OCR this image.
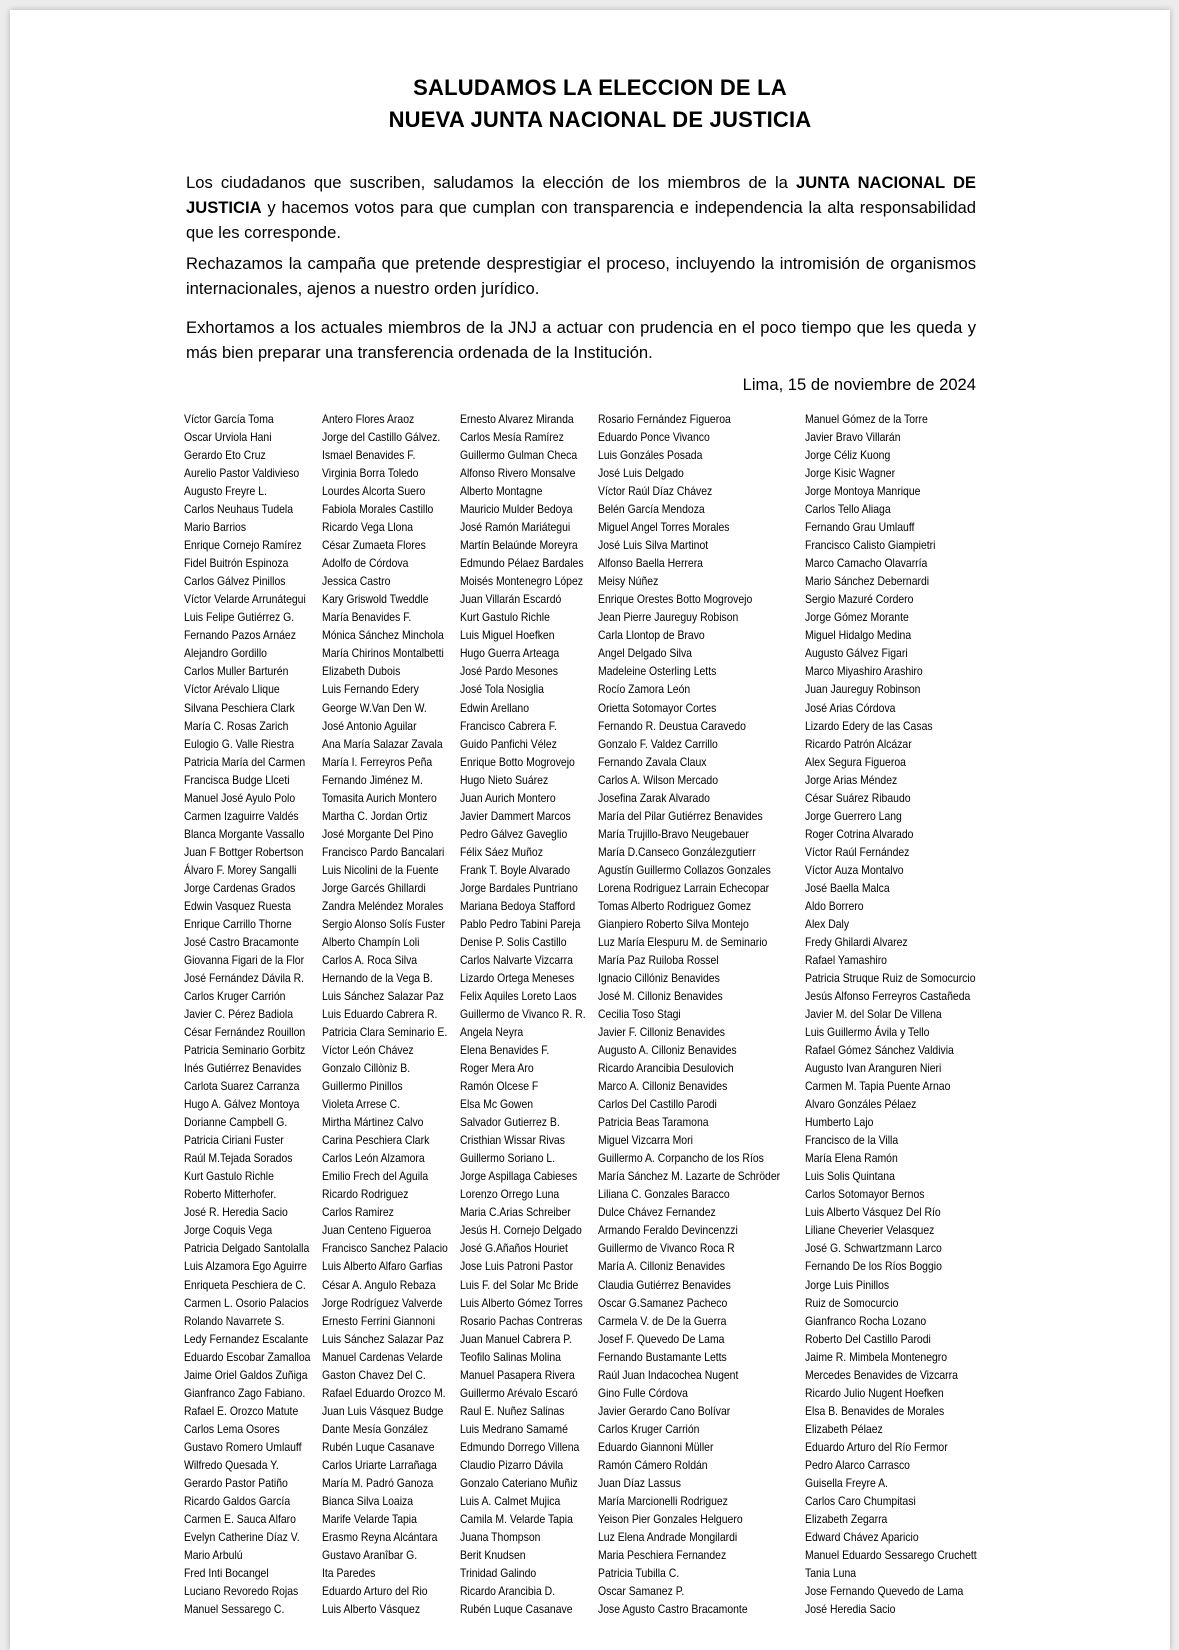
SALUDAMOS LA ELECCION DE LA
NUEVA JUNTA NACIONAL DE JUSTICIA
Los ciudadanos que suscriben, saludamos la elección de los miembros de la JUNTA NACIONAL DE JUSTICIA y hacemos votos para que cumplan con transparencia e independencia la alta responsabilidad que les corresponde.
Rechazamos la campaña que pretende desprestigiar el proceso, incluyendo la intromisión de organismos internacionales, ajenos a nuestro orden jurídico.
Exhortamos a los actuales miembros de la JNJ a actuar con prudencia en el poco tiempo que les queda y más bien preparar una transferencia ordenada de la Institución.
Lima, 15 de noviembre de 2024
Víctor García Toma
Oscar Urviola Hani
Gerardo Eto Cruz
Aurelio Pastor Valdivieso
Augusto Freyre L.
Carlos Neuhaus Tudela
Mario Barrios
Enrique Cornejo Ramírez
Fidel Buitrón Espinoza
Carlos Gálvez Pinillos
Víctor Velarde Arrunátegui
Luis Felipe Gutiérrez G.
Fernando Pazos Arnáez
Alejandro Gordillo
Carlos Muller Barturén
Víctor Arévalo Llique
Silvana Peschiera Clark
María C. Rosas Zarich
Eulogio G. Valle Riestra
Patricia María del Carmen
Francisca Budge Llceti
Manuel José Ayulo Polo
Carmen Izaguirre Valdés
Blanca Morgante Vassallo
Juan F Bottger Robertson
Álvaro F. Morey Sangalli
Jorge Cardenas Grados
Edwin Vasquez Ruesta
Enrique Carrillo Thorne
José Castro Bracamonte
Giovanna Figari de la Flor
José Fernández Dávila R.
Carlos Kruger Carrión
Javier C. Pérez Badiola
César Fernández Rouillon
Patricia Seminario Gorbitz
Inés Gutiérrez Benavides
Carlota Suarez Carranza
Hugo A. Gálvez Montoya
Dorianne Campbell G.
Patricia Ciriani Fuster
Raúl M.Tejada Sorados
Kurt Gastulo Richle
Roberto Mitterhofer.
José R. Heredia Sacio
Jorge Coquis Vega
Patricia Delgado Santolalla
Luis Alzamora Ego Aguirre
Enriqueta Peschiera de C.
Carmen L. Osorio Palacios
Rolando Navarrete S.
Ledy Fernandez Escalante
Eduardo Escobar Zamalloa
Jaime Oriel Galdos Zuñiga
Gianfranco Zago Fabiano.
Rafael E. Orozco Matute
Carlos Lema Osores
Gustavo Romero Umlauff
Wilfredo Quesada Y.
Gerardo Pastor Patiño
Ricardo Galdos García
Carmen E. Sauca Alfaro
Evelyn Catherine Díaz V.
Mario Arbulú
Fred Inti Bocangel
Luciano Revoredo Rojas
Manuel Sessarego C.
Antero Flores Araoz
Jorge del Castillo Gálvez.
Ismael Benavides F.
Virginia Borra Toledo
Lourdes Alcorta Suero
Fabiola Morales Castillo
Ricardo Vega Llona
César Zumaeta Flores
Adolfo de Córdova
Jessica Castro
Kary Griswold Tweddle
María Benavides F.
Mónica Sánchez Minchola
María Chirinos Montalbetti
Elizabeth Dubois
Luis Fernando Edery
George W.Van Den W.
José Antonio Aguilar
Ana María Salazar Zavala
María I. Ferreyros Peña
Fernando Jiménez M.
Tomasita Aurich Montero
Martha C. Jordan Ortiz
José Morgante Del Pino
Francisco Pardo Bancalari
Luis Nicolini de la Fuente
Jorge Garcés Ghillardi
Zandra Meléndez Morales
Sergio Alonso Solís Fuster
Alberto Champín Loli
Carlos A. Roca Silva
Hernando de la Vega B.
Luis Sánchez Salazar Paz
Luis Eduardo Cabrera R.
Patricia Clara Seminario E.
Víctor León Chávez
Gonzalo Cillòniz B.
Guillermo Pinillos
Violeta Arrese C.
Mirtha Mártinez Calvo
Carina Peschiera Clark
Carlos León Alzamora
Emilio Frech del Aguila
Ricardo Rodriguez
Carlos Ramirez
Juan Centeno Figueroa
Francisco Sanchez Palacio
Luis Alberto Alfaro Garfias
César A. Angulo Rebaza
Jorge Rodríguez Valverde
Ernesto Ferrini Giannoni
Luis Sánchez Salazar Paz
Manuel Cardenas Velarde
Gaston Chavez Del C.
Rafael Eduardo Orozco M.
Juan Luis Vásquez Budge
Dante Mesía González
Rubén Luque Casanave
Carlos Uriarte Larrañaga
María M. Padró Ganoza
Bianca Silva Loaiza
Marife Velarde Tapia
Erasmo Reyna Alcántara
Gustavo Aranîbar G.
Ita Paredes
Eduardo Arturo del Rio
Luis Alberto Vásquez
Ernesto Alvarez Miranda
Carlos Mesía Ramírez
Guillermo Gulman Checa
Alfonso Rivero Monsalve
Alberto Montagne
Mauricio Mulder Bedoya
José Ramón Mariátegui
Martín Belaúnde Moreyra
Edmundo Pélaez Bardales
Moisés Montenegro López
Juan Villarán Escardó
Kurt Gastulo Richle
Luis Miguel Hoefken
Hugo Guerra Arteaga
José Pardo Mesones
José Tola Nosiglia
Edwin Arellano
Francisco Cabrera F.
Guido Panfichi Vélez
Enrique Botto Mogrovejo
Hugo Nieto Suárez
Juan Aurich Montero
Javier Dammert Marcos
Pedro Gálvez Gaveglio
Félix Sáez Muñoz
Frank T. Boyle Alvarado
Jorge Bardales Puntriano
Mariana Bedoya Stafford
Pablo Pedro Tabini Pareja
Denise P. Solis Castillo
Carlos Nalvarte Vizcarra
Lizardo Ortega Meneses
Felix Aquiles Loreto Laos
Guillermo de Vivanco R. R.
Angela Neyra
Elena Benavides F.
Roger Mera Aro
Ramón Olcese F
Elsa Mc Gowen
Salvador Gutierrez B.
Cristhian Wissar Rivas
Guillermo Soriano L.
Jorge Aspillaga Cabieses
Lorenzo Orrego Luna
Maria C.Arias Schreiber
Jesús H. Cornejo Delgado
José G.Añaños Houriet
Jose Luis Patroni Pastor
Luis F. del Solar Mc Bride
Luis Alberto Gómez Torres
Rosario Pachas Contreras
Juan Manuel Cabrera P.
Teofilo Salinas Molina
Manuel Pasapera Rivera
Guillermo Arévalo Escaró
Raul E. Nuñez Salinas
Luis Medrano Samamé
Edmundo Dorrego Villena
Claudio Pizarro Dávila
Gonzalo Cateriano Muñiz
Luis A. Calmet Mujica
Camila M. Velarde Tapia
Juana Thompson
Berit Knudsen
Trinidad Galindo
Ricardo Arancibia D.
Rubén Luque Casanave
Rosario Fernández Figueroa
Eduardo Ponce Vivanco
Luis Gonzáles Posada
José Luis Delgado
Víctor Raúl Díaz Chávez
Belén García Mendoza
Miguel Angel Torres Morales
José Luis Silva Martinot
Alfonso Baella Herrera
Meisy Núñez
Enrique Orestes Botto Mogrovejo
Jean Pierre Jaureguy Robison
Carla Llontop de Bravo
Angel Delgado Silva
Madeleine Osterling Letts
Rocío Zamora León
Orietta Sotomayor Cortes
Fernando R. Deustua Caravedo
Gonzalo F. Valdez Carrillo
Fernando Zavala Claux
Carlos A. Wilson Mercado
Josefina Zarak Alvarado
María del Pilar Gutiérrez Benavides
María Trujillo-Bravo Neugebauer
María D.Canseco Gonzálezgutierr
Agustín Guillermo Collazos Gonzales
Lorena Rodriguez Larrain Echecopar
Tomas Alberto Rodriguez Gomez
Gianpiero Roberto Silva Montejo
Luz María Elespuru M. de Seminario
María Paz Ruiloba Rossel
Ignacio Cillóniz Benavides
José M. Cilloniz Benavides
Cecilia Toso Stagi
Javier F. Cilloniz Benavides
Augusto A. Cilloniz Benavides
Ricardo Arancibia Desulovich
Marco A. Cilloniz Benavides
Carlos Del Castillo Parodi
Patricia Beas Taramona
Miguel Vizcarra Mori
Guillermo A. Corpancho de los Ríos
María Sánchez M. Lazarte de Schröder
Liliana C. Gonzales Baracco
Dulce Chávez Fernandez
Armando Feraldo Devincenzzi
Guillermo de Vivanco Roca R
María A. Cilloniz Benavides
Claudia Gutiérrez Benavides
Oscar G.Samanez Pacheco
Carmela V. de De la Guerra
Josef F. Quevedo De Lama
Fernando Bustamante Letts
Raúl Juan Indacochea Nugent
Gino Fulle Córdova
Javier Gerardo Cano Bolívar
Carlos Kruger Carrión
Eduardo Giannoni Müller
Ramón Cámero Roldán
Juan Díaz Lassus
María Marcionelli Rodriguez
Yeison Pier Gonzales Helguero
Luz Elena Andrade Mongilardi
Maria Peschiera Fernandez
Patricia Tubilla C.
Oscar Samanez P.
Jose Agusto Castro Bracamonte
Manuel Gómez de la Torre
Javier Bravo Villarán
Jorge Céliz Kuong
Jorge Kisic Wagner
Jorge Montoya Manrique
Carlos Tello Aliaga
Fernando Grau Umlauff
Francisco Calisto Giampietri
Marco Camacho Olavarría
Mario Sánchez Debernardi
Sergio Mazuré Cordero
Jorge Gómez Morante
Miguel Hidalgo Medina
Augusto Gálvez Figari
Marco Miyashiro Arashiro
Juan Jaureguy Robinson
José Arias Córdova
Lizardo Edery de las Casas
Ricardo Patrón Alcázar
Alex Segura Figueroa
Jorge Arias Méndez
César Suárez Ribaudo
Jorge Guerrero Lang
Roger Cotrina Alvarado
Víctor Raúl Fernández
Víctor Auza Montalvo
José Baella Malca
Aldo Borrero
Alex Daly
Fredy Ghilardi Alvarez
Rafael Yamashiro
Patricia Struque Ruiz de Somocurcio
Jesús Alfonso Ferreyros Castañeda
Javier M. del Solar De Villena
Luis Guillermo Ávila y Tello
Rafael Gómez Sánchez Valdivia
Augusto Ivan Aranguren Nieri
Carmen M. Tapia Puente Arnao
Alvaro Gonzáles Pélaez
Humberto Lajo
Francisco de la Villa
María Elena Ramón
Luis Solis Quintana
Carlos Sotomayor Bernos
Luis Alberto Vásquez Del Río
Liliane Cheverier Velasquez
José G. Schwartzmann Larco
Fernando De los Ríos Boggio
Jorge Luis Pinillos
Ruiz de Somocurcio
Gianfranco Rocha Lozano
Roberto Del Castillo Parodi
Jaime R. Mimbela Montenegro
Mercedes Benavides de Vizcarra
Ricardo Julio Nugent Hoefken
Elsa B. Benavides de Morales
Elizabeth Pélaez
Eduardo Arturo del Río Fermor
Pedro Alarco Carrasco
Guisella Freyre A.
Carlos Caro Chumpitasi
Elizabeth Zegarra
Edward Chávez Aparicio
Manuel Eduardo Sessarego Cruchett
Tania Luna
Jose Fernando Quevedo de Lama
José Heredia Sacio
